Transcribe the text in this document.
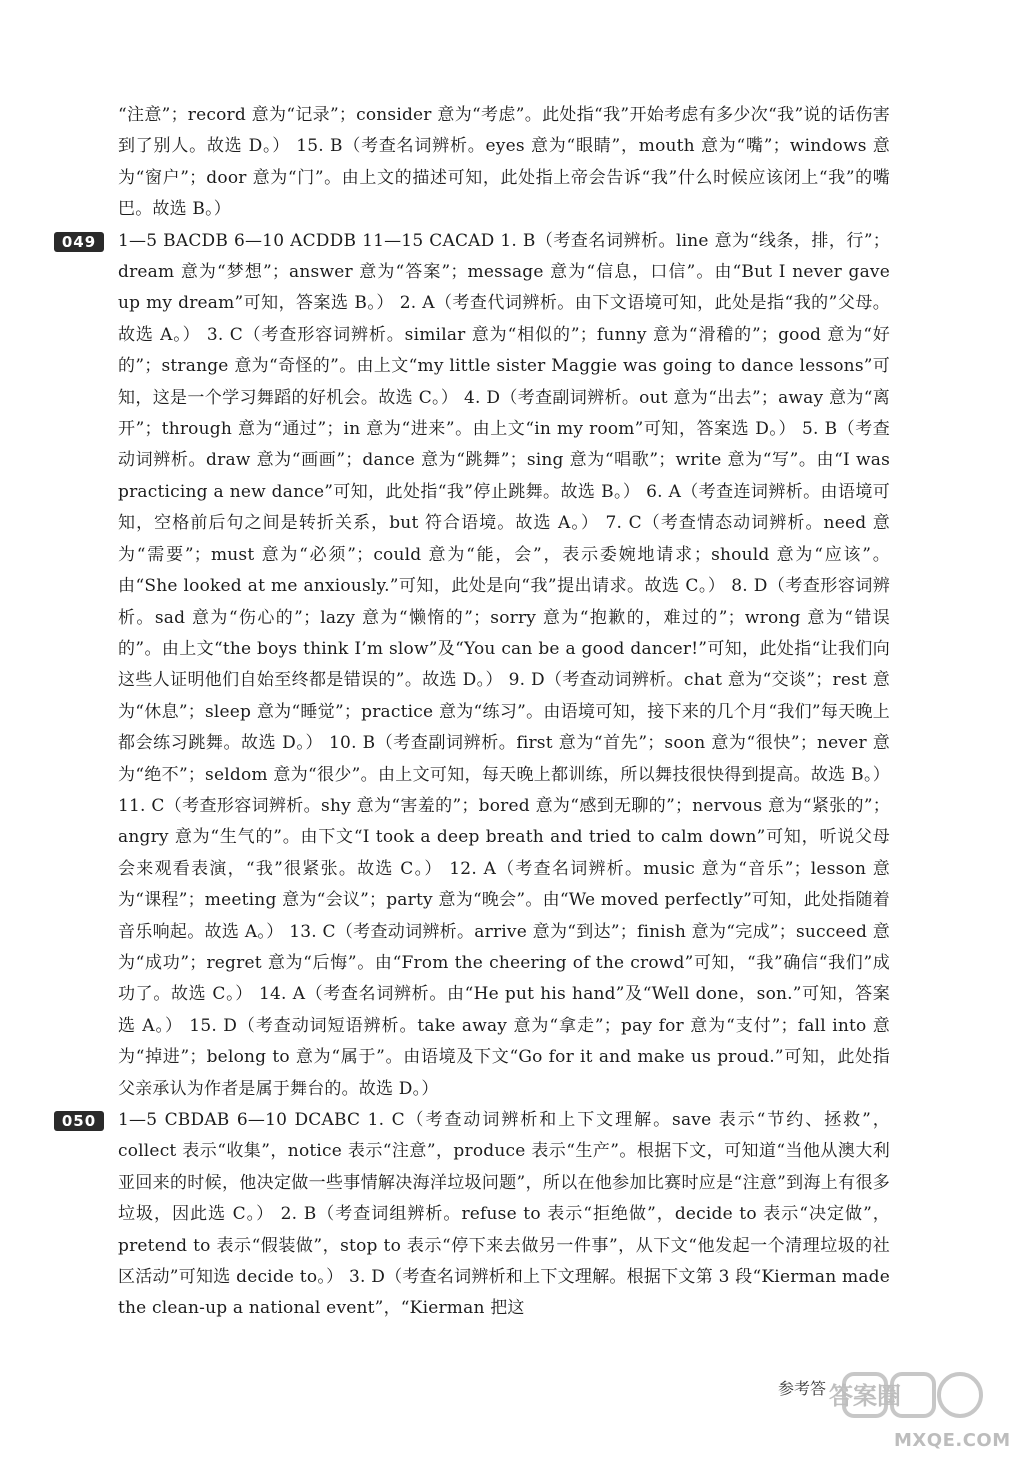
“注意”；record 意为“记录”；consider 意为“考虑”。此处指“我”开始考虑有多少次“我”说的话伤害到了别人。故选 D。） 15. B（考查名词辨析。eyes 意为“眼睛”，mouth 意为“嘴”；windows 意为“窗户”；door 意为“门”。由上文的描述可知，此处指上帝会告诉“我”什么时候应该闭上“我”的嘴巴。故选 B。）

049	1—5 BACDB 6—10 ACDDB 11—15 CACAD 1. B（考查名词辨析。line 意为“线条，排，行”；dream 意为“梦想”；answer 意为“答案”；message 意为“信息，口信”。由“But I never gave up my dream”可知，答案选 B。） 2. A（考查代词辨析。由下文语境可知，此处是指“我的”父母。故选 A。） 3. C（考查形容词辨析。similar 意为“相似的”；funny 意为“滑稽的”；good 意为“好的”；strange 意为“奇怪的”。由上文“my little sister Maggie was going to dance lessons”可知，这是一个学习舞蹈的好机会。故选 C。） 4. D（考查副词辨析。out 意为“出去”；away 意为“离开”；through 意为“通过”；in 意为“进来”。由上文“in my room”可知，答案选 D。） 5. B（考查动词辨析。draw 意为“画画”；dance 意为“跳舞”；sing 意为“唱歌”；write 意为“写”。由“I was practicing a new dance”可知，此处指“我”停止跳舞。故选 B。） 6. A（考查连词辨析。由语境可知，空格前后句之间是转折关系，but 符合语境。故选 A。） 7. C（考查情态动词辨析。need 意为“需要”；must 意为“必须”；could 意为“能，会”，表示委婉地请求；should 意为“应该”。由“She looked at me anxiously.”可知，此处是向“我”提出请求。故选 C。） 8. D（考查形容词辨析。sad 意为“伤心的”；lazy 意为“懒惰的”；sorry 意为“抱歉的，难过的”；wrong 意为“错误的”。由上文“the boys think I’m slow”及“You can be a good dancer!”可知，此处指“让我们向这些人证明他们自始至终都是错误的”。故选 D。） 9. D（考查动词辨析。chat 意为“交谈”；rest 意为“休息”；sleep 意为“睡觉”；practice 意为“练习”。由语境可知，接下来的几个月“我们”每天晚上都会练习跳舞。故选 D。） 10. B（考查副词辨析。first 意为“首先”；soon 意为“很快”；never 意为“绝不”；seldom 意为“很少”。由上文可知，每天晚上都训练，所以舞技很快得到提高。故选 B。） 11. C（考查形容词辨析。shy 意为“害羞的”；bored 意为“感到无聊的”；nervous 意为“紧张的”；angry 意为“生气的”。由下文“I took a deep breath and tried to calm down”可知，听说父母会来观看表演，“我”很紧张。故选 C。） 12. A（考查名词辨析。music 意为“音乐”；lesson 意为“课程”；meeting 意为“会议”；party 意为“晚会”。由“We moved perfectly”可知，此处指随着音乐响起。故选 A。） 13. C（考查动词辨析。arrive 意为“到达”；finish 意为“完成”；succeed 意为“成功”；regret 意为“后悔”。由“From the cheering of the crowd”可知，“我”确信“我们”成功了。故选 C。） 14. A（考查名词辨析。由“He put his hand”及“Well done，son.”可知，答案选 A。） 15. D（考查动词短语辨析。take away 意为“拿走”；pay for 意为“支付”；fall into 意为“掉进”；belong to 意为“属于”。由语境及下文“Go for it and make us proud.”可知，此处指父亲承认为作者是属于舞台的。故选 D。）

050	1—5 CBDAB 6—10 DCABC 1. C（考查动词辨析和上下文理解。save 表示“节约、拯救”，collect 表示“收集”，notice 表示“注意”，produce 表示“生产”。根据下文，可知道“当他从澳大利亚回来的时候，他决定做一些事情解决海洋垃圾问题”，所以在他参加比赛时应是“注意”到海上有很多垃圾，因此选 C。） 2. B（考查词组辨析。refuse to 表示“拒绝做”，decide to 表示“决定做”，pretend to 表示“假装做”，stop to 表示“停下来去做另一件事”，从下文“他发起一个清理垃圾的社区活动”可知选 decide to。） 3. D（考查名词辨析和上下文理解。根据下文第 3 段“Kierman made the clean-up a national event”，“Kierman 把这

参考答 答案圈
MXQE.COM
